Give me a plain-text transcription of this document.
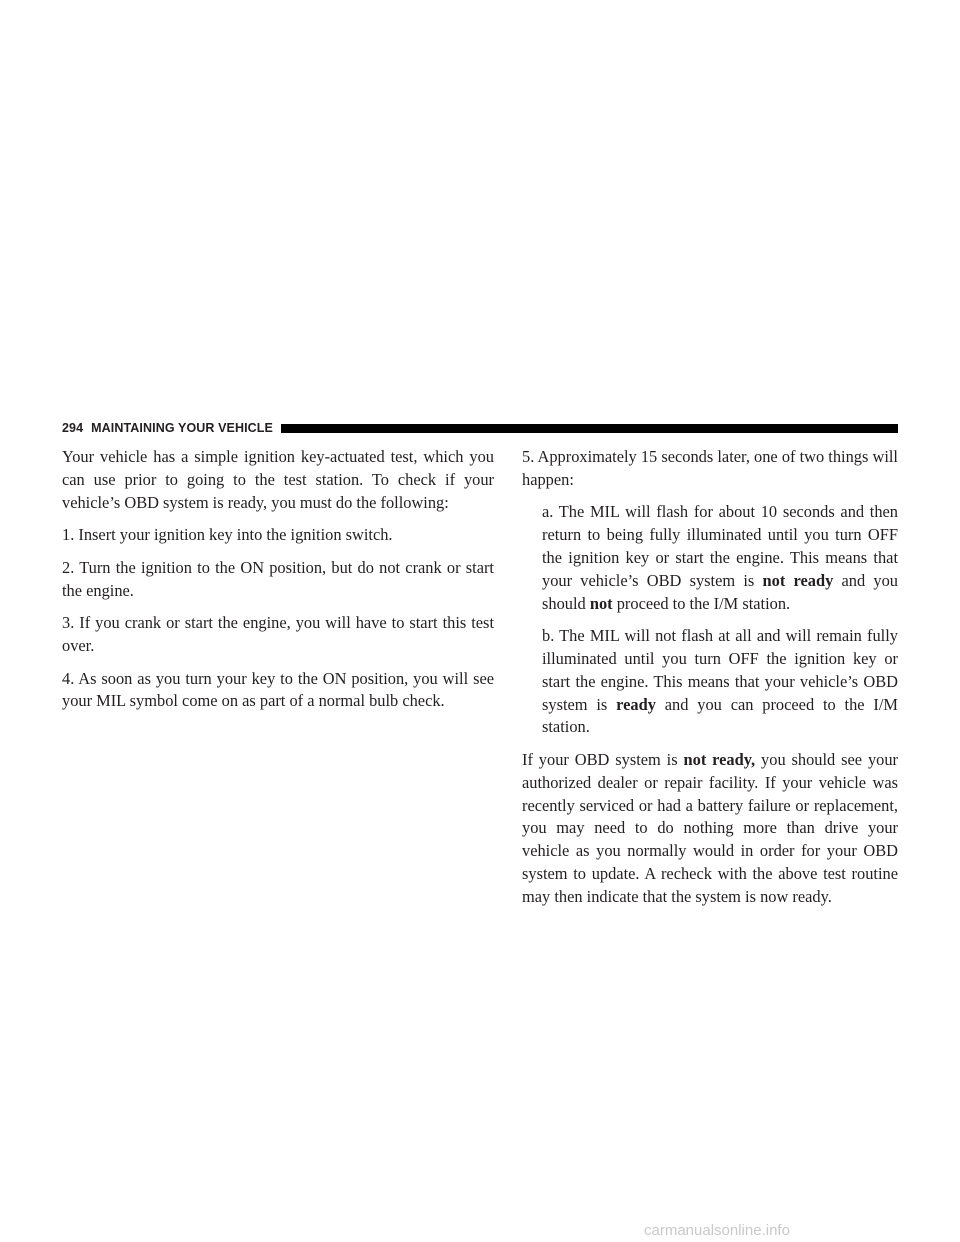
294 MAINTAINING YOUR VEHICLE

Your vehicle has a simple ignition key-actuated test, which you can use prior to going to the test station. To check if your vehicle’s OBD system is ready, you must do the following:

1. Insert your ignition key into the ignition switch.

2. Turn the ignition to the ON position, but do not crank or start the engine.

3. If you crank or start the engine, you will have to start this test over.

4. As soon as you turn your key to the ON position, you will see your MIL symbol come on as part of a normal bulb check.

5. Approximately 15 seconds later, one of two things will happen:

a. The MIL will flash for about 10 seconds and then return to being fully illuminated until you turn OFF the ignition key or start the engine. This means that your vehicle’s OBD system is not ready and you should not proceed to the I/M station.

b. The MIL will not flash at all and will remain fully illuminated until you turn OFF the ignition key or start the engine. This means that your vehicle’s OBD system is ready and you can proceed to the I/M station.

If your OBD system is not ready, you should see your authorized dealer or repair facility. If your vehicle was recently serviced or had a battery failure or replacement, you may need to do nothing more than drive your vehicle as you normally would in order for your OBD system to update. A recheck with the above test routine may then indicate that the system is now ready.

carmanualsonline.info
